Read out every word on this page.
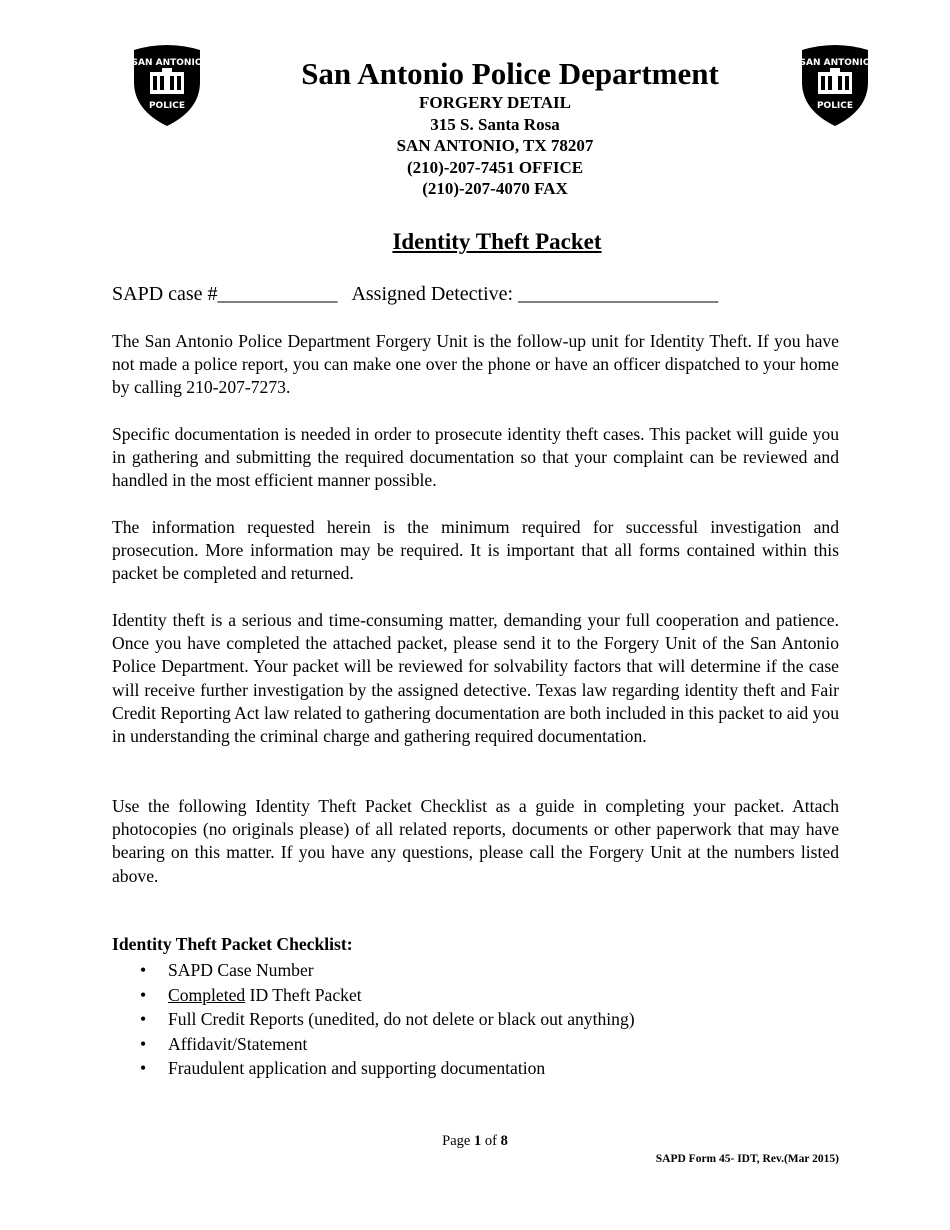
SAN ANTONIO
POLICE
SAN ANTONIO
POLICE
San Antonio Police Department
FORGERY DETAIL
315 S. Santa Rosa
SAN ANTONIO, TX 78207
(210)-207-7451 OFFICE
(210)-207-4070 FAX
Identity Theft Packet
SAPD case #____________   Assigned Detective: ____________________

The San Antonio Police Department Forgery Unit is the follow-up unit for Identity Theft. If you have not made a police report, you can make one over the phone or have an officer dispatched to your home by calling 210-207-7273.

Specific documentation is needed in order to prosecute identity theft cases. This packet will guide you in gathering and submitting the required documentation so that your complaint can be reviewed and handled in the most efficient manner possible.

The information requested herein is the minimum required for successful investigation and prosecution. More information may be required. It is important that all forms contained within this packet be completed and returned.

Identity theft is a serious and time-consuming matter, demanding your full cooperation and patience. Once you have completed the attached packet, please send it to the Forgery Unit of the San Antonio Police Department. Your packet will be reviewed for solvability factors that will determine if the case will receive further investigation by the assigned detective. Texas law regarding identity theft and Fair Credit Reporting Act law related to gathering documentation are both included in this packet to aid you in understanding the criminal charge and gathering required documentation.

Use the following Identity Theft Packet Checklist as a guide in completing your packet. Attach photocopies (no originals please) of all related reports, documents or other paperwork that may have bearing on this matter. If you have any questions, please call the Forgery Unit at the numbers listed above.

Identity Theft Packet Checklist:
• SAPD Case Number
• Completed ID Theft Packet
• Full Credit Reports (unedited, do not delete or black out anything)
• Affidavit/Statement
• Fraudulent application and supporting documentation
Page 1 of 8
SAPD Form 45- IDT, Rev.(Mar 2015)
